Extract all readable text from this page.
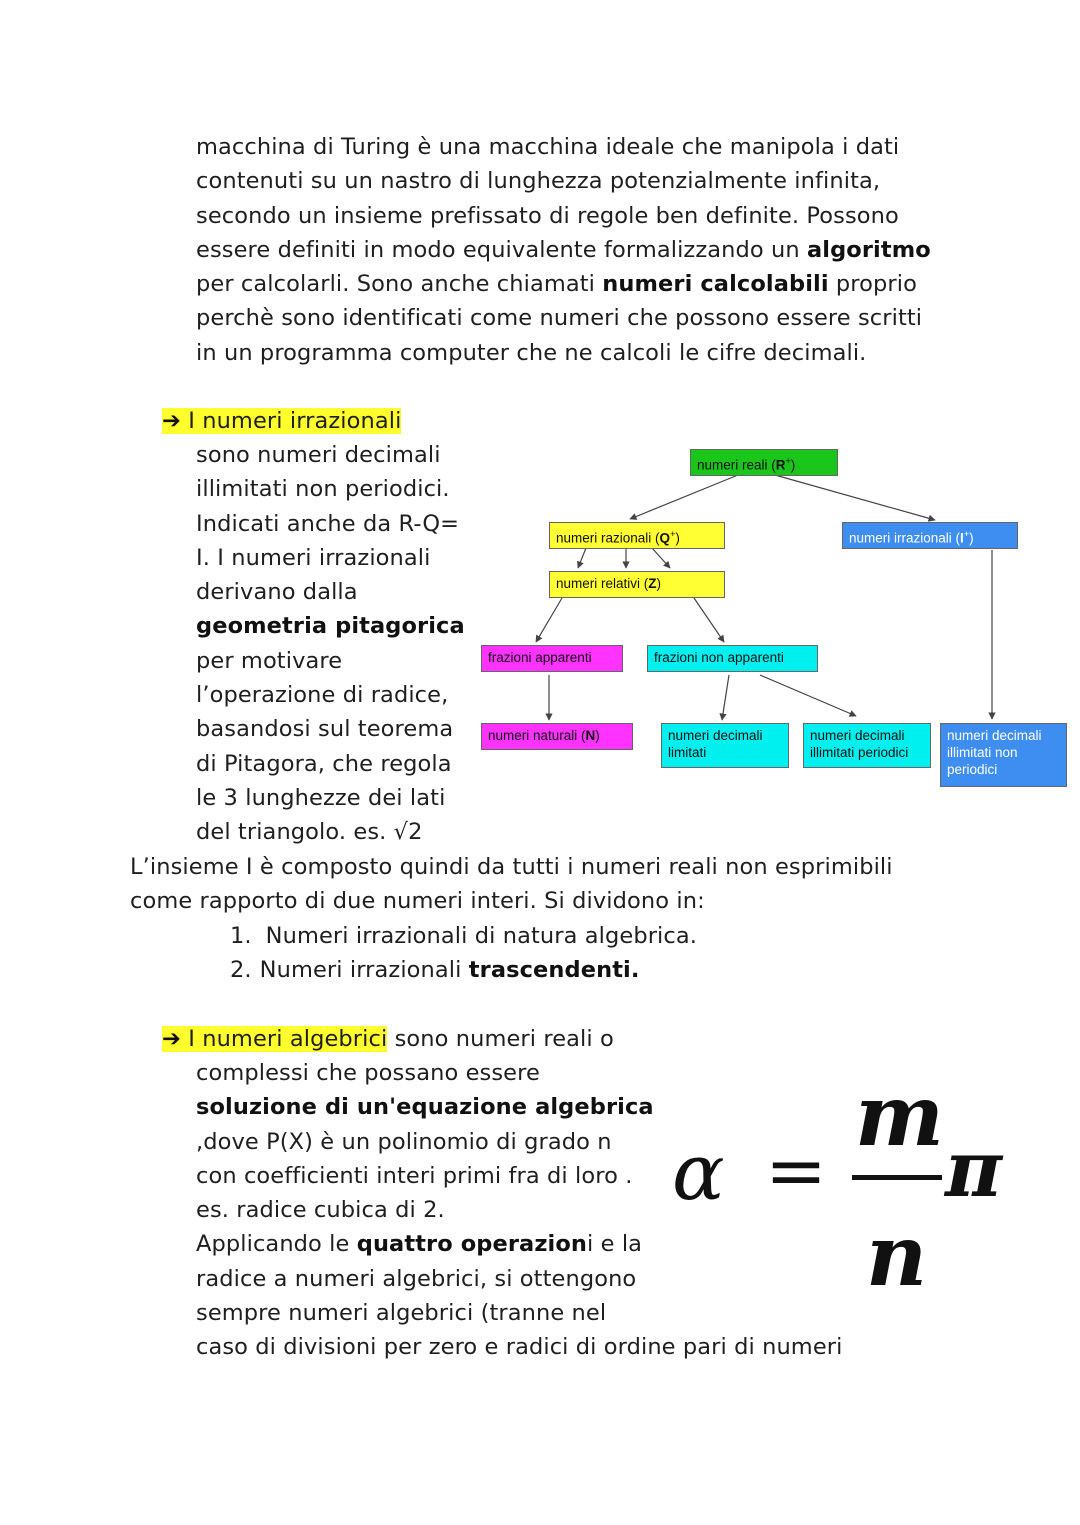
macchina di Turing è una macchina ideale che manipola i dati
contenuti su un nastro di lunghezza potenzialmente infinita,
secondo un insieme prefissato di regole ben definite. Possono
essere definiti in modo equivalente formalizzando un algoritmo
per calcolarli. Sono anche chiamati numeri calcolabili proprio
perchè sono identificati come numeri che possono essere scritti
in un programma computer che ne calcoli le cifre decimali.
➔ I numeri irrazionali
sono numeri decimali
illimitati non periodici.
Indicati anche da R-Q=
I. I numeri irrazionali
derivano dalla
geometria pitagorica
per motivare
l’operazione di radice,
basandosi sul teorema
di Pitagora, che regola
le 3 lunghezze dei lati
del triangolo. es. √2
numeri reali (R+)
numeri razionali (Q+)	numeri irrazionali (I+)
numeri relativi (Z)
frazioni apparenti	frazioni non apparenti
numeri naturali (N)	numeri decimali
limitati
numeri decimali
illimitati periodici
numeri decimali
illimitati non
periodici
L’insieme I è composto quindi da tutti i numeri reali non esprimibili
come rapporto di due numeri interi. Si dividono in:
1. Numeri irrazionali di natura algebrica.
2. Numeri irrazionali trascendenti.
➔ I numeri algebrici sono numeri reali o
complessi che possano essere
soluzione di un'equazione algebrica
,dove P(X) è un polinomio di grado n
con coefficienti interi primi fra di loro .
es. radice cubica di 2.
Applicando le quattro operazioni e la
radice a numeri algebrici, si ottengono
sempre numeri algebrici (tranne nel
caso di divisioni per zero e radici di ordine pari di numeri
α =
m
n
π
